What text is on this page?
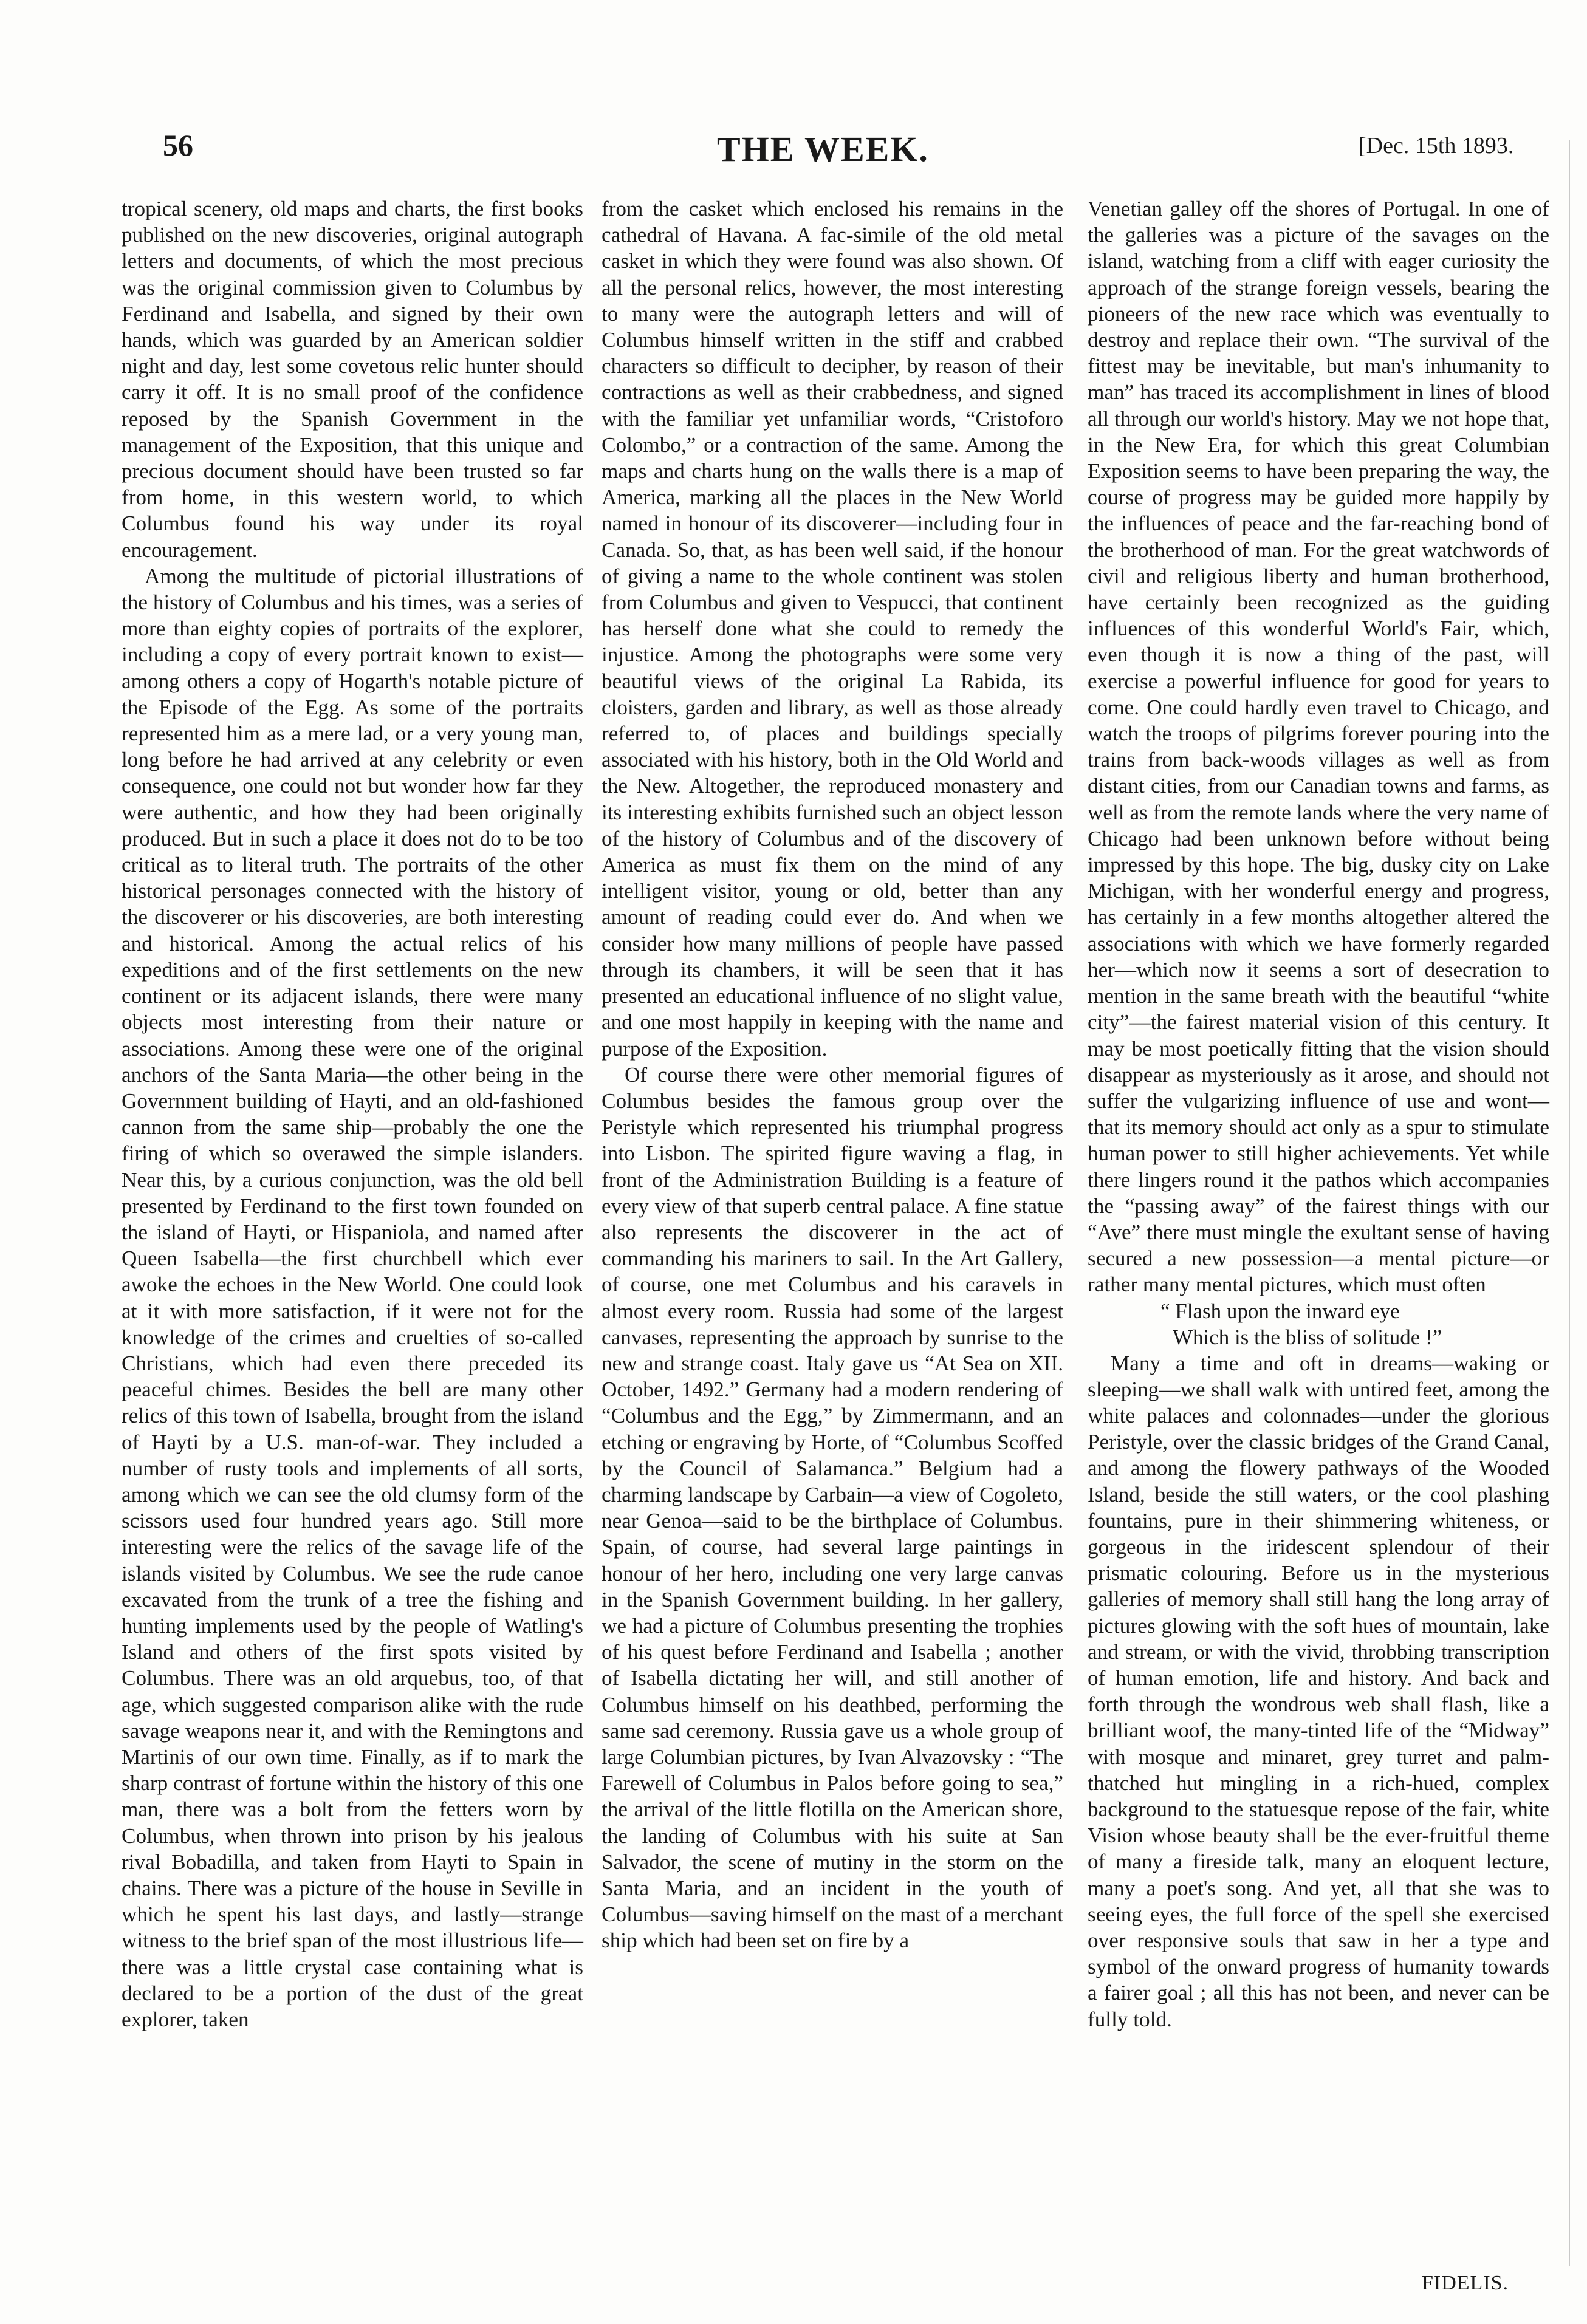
56	THE WEEK.	[Dec. 15th 1893.

tropical scenery, old maps and charts, the first books published on the new discoveries, original autograph letters and documents, of which the most precious was the original commission given to Columbus by Ferdinand and Isabella, and signed by their own hands, which was guarded by an American soldier night and day, lest some covetous relic hunter should carry it off. It is no small proof of the confidence reposed by the Spanish Government in the management of the Exposition, that this unique and precious document should have been trusted so far from home, in this western world, to which Columbus found his way under its royal encouragement.

Among the multitude of pictorial illustrations of the history of Columbus and his times, was a series of more than eighty copies of portraits of the explorer, including a copy of every portrait known to exist—among others a copy of Hogarth's notable picture of the Episode of the Egg. As some of the portraits represented him as a mere lad, or a very young man, long before he had arrived at any celebrity or even consequence, one could not but wonder how far they were authentic, and how they had been originally produced. But in such a place it does not do to be too critical as to literal truth. The portraits of the other historical personages connected with the history of the discoverer or his discoveries, are both interesting and historical. Among the actual relics of his expeditions and of the first settlements on the new continent or its adjacent islands, there were many objects most interesting from their nature or associations. Among these were one of the original anchors of the Santa Maria—the other being in the Government building of Hayti, and an old-fashioned cannon from the same ship—probably the one the firing of which so overawed the simple islanders. Near this, by a curious conjunction, was the old bell presented by Ferdinand to the first town founded on the island of Hayti, or Hispaniola, and named after Queen Isabella—the first churchbell which ever awoke the echoes in the New World. One could look at it with more satisfaction, if it were not for the knowledge of the crimes and cruelties of so-called Christians, which had even there preceded its peaceful chimes. Besides the bell are many other relics of this town of Isabella, brought from the island of Hayti by a U.S. man-of-war. They included a number of rusty tools and implements of all sorts, among which we can see the old clumsy form of the scissors used four hundred years ago. Still more interesting were the relics of the savage life of the islands visited by Columbus. We see the rude canoe excavated from the trunk of a tree the fishing and hunting implements used by the people of Watling's Island and others of the first spots visited by Columbus. There was an old arquebus, too, of that age, which suggested comparison alike with the rude savage weapons near it, and with the Remingtons and Martinis of our own time. Finally, as if to mark the sharp contrast of fortune within the history of this one man, there was a bolt from the fetters worn by Columbus, when thrown into prison by his jealous rival Bobadilla, and taken from Hayti to Spain in chains. There was a picture of the house in Seville in which he spent his last days, and lastly—strange witness to the brief span of the most illustrious life—there was a little crystal case containing what is declared to be a portion of the dust of the great explorer, taken

from the casket which enclosed his remains in the cathedral of Havana. A fac-simile of the old metal casket in which they were found was also shown. Of all the personal relics, however, the most interesting to many were the autograph letters and will of Columbus himself written in the stiff and crabbed characters so difficult to decipher, by reason of their contractions as well as their crabbedness, and signed with the familiar yet unfamiliar words, “Cristoforo Colombo,” or a contraction of the same. Among the maps and charts hung on the walls there is a map of America, marking all the places in the New World named in honour of its discoverer—including four in Canada. So, that, as has been well said, if the honour of giving a name to the whole continent was stolen from Columbus and given to Vespucci, that continent has herself done what she could to remedy the injustice. Among the photographs were some very beautiful views of the original La Rabida, its cloisters, garden and library, as well as those already referred to, of places and buildings specially associated with his history, both in the Old World and the New. Altogether, the reproduced monastery and its interesting exhibits furnished such an object lesson of the history of Columbus and of the discovery of America as must fix them on the mind of any intelligent visitor, young or old, better than any amount of reading could ever do. And when we consider how many millions of people have passed through its chambers, it will be seen that it has presented an educational influence of no slight value, and one most happily in keeping with the name and purpose of the Exposition.

Of course there were other memorial figures of Columbus besides the famous group over the Peristyle which represented his triumphal progress into Lisbon. The spirited figure waving a flag, in front of the Administration Building is a feature of every view of that superb central palace. A fine statue also represents the discoverer in the act of commanding his mariners to sail. In the Art Gallery, of course, one met Columbus and his caravels in almost every room. Russia had some of the largest canvases, representing the approach by sunrise to the new and strange coast. Italy gave us “At Sea on XII. October, 1492.” Germany had a modern rendering of “Columbus and the Egg,” by Zimmermann, and an etching or engraving by Horte, of “Columbus Scoffed by the Council of Salamanca.” Belgium had a charming landscape by Carbain—a view of Cogoleto, near Genoa—said to be the birthplace of Columbus. Spain, of course, had several large paintings in honour of her hero, including one very large canvas in the Spanish Government building. In her gallery, we had a picture of Columbus presenting the trophies of his quest before Ferdinand and Isabella ; another of Isabella dictating her will, and still another of Columbus himself on his deathbed, performing the same sad ceremony. Russia gave us a whole group of large Columbian pictures, by Ivan Alvazovsky : “The Farewell of Columbus in Palos before going to sea,” the arrival of the little flotilla on the American shore, the landing of Columbus with his suite at San Salvador, the scene of mutiny in the storm on the Santa Maria, and an incident in the youth of Columbus—saving himself on the mast of a merchant ship which had been set on fire by a

Venetian galley off the shores of Portugal. In one of the galleries was a picture of the savages on the island, watching from a cliff with eager curiosity the approach of the strange foreign vessels, bearing the pioneers of the new race which was eventually to destroy and replace their own. “The survival of the fittest may be inevitable, but man's inhumanity to man” has traced its accomplishment in lines of blood all through our world's history. May we not hope that, in the New Era, for which this great Columbian Exposition seems to have been preparing the way, the course of progress may be guided more happily by the influences of peace and the far-reaching bond of the brotherhood of man. For the great watchwords of civil and religious liberty and human brotherhood, have certainly been recognized as the guiding influences of this wonderful World's Fair, which, even though it is now a thing of the past, will exercise a powerful influence for good for years to come. One could hardly even travel to Chicago, and watch the troops of pilgrims forever pouring into the trains from back-woods villages as well as from distant cities, from our Canadian towns and farms, as well as from the remote lands where the very name of Chicago had been unknown before without being impressed by this hope. The big, dusky city on Lake Michigan, with her wonderful energy and progress, has certainly in a few months altogether altered the associations with which we have formerly regarded her—which now it seems a sort of desecration to mention in the same breath with the beautiful “white city”—the fairest material vision of this century. It may be most poetically fitting that the vision should disappear as mysteriously as it arose, and should not suffer the vulgarizing influence of use and wont—that its memory should act only as a spur to stimulate human power to still higher achievements. Yet while there lingers round it the pathos which accompanies the “passing away” of the fairest things with our “Ave” there must mingle the exultant sense of having secured a new possession—a mental picture—or rather many mental pictures, which must often

“ Flash upon the inward eye
Which is the bliss of solitude !”

Many a time and oft in dreams—waking or sleeping—we shall walk with untired feet, among the white palaces and colonnades—under the glorious Peristyle, over the classic bridges of the Grand Canal, and among the flowery pathways of the Wooded Island, beside the still waters, or the cool plashing fountains, pure in their shimmering whiteness, or gorgeous in the iridescent splendour of their prismatic colouring. Before us in the mysterious galleries of memory shall still hang the long array of pictures glowing with the soft hues of mountain, lake and stream, or with the vivid, throbbing transcription of human emotion, life and history. And back and forth through the wondrous web shall flash, like a brilliant woof, the many-tinted life of the “Midway” with mosque and minaret, grey turret and palm-thatched hut mingling in a rich-hued, complex background to the statuesque repose of the fair, white Vision whose beauty shall be the ever-fruitful theme of many a fireside talk, many an eloquent lecture, many a poet's song. And yet, all that she was to seeing eyes, the full force of the spell she exercised over responsive souls that saw in her a type and symbol of the onward progress of humanity towards a fairer goal ; all this has not been, and never can be fully told.

FIDELIS.
